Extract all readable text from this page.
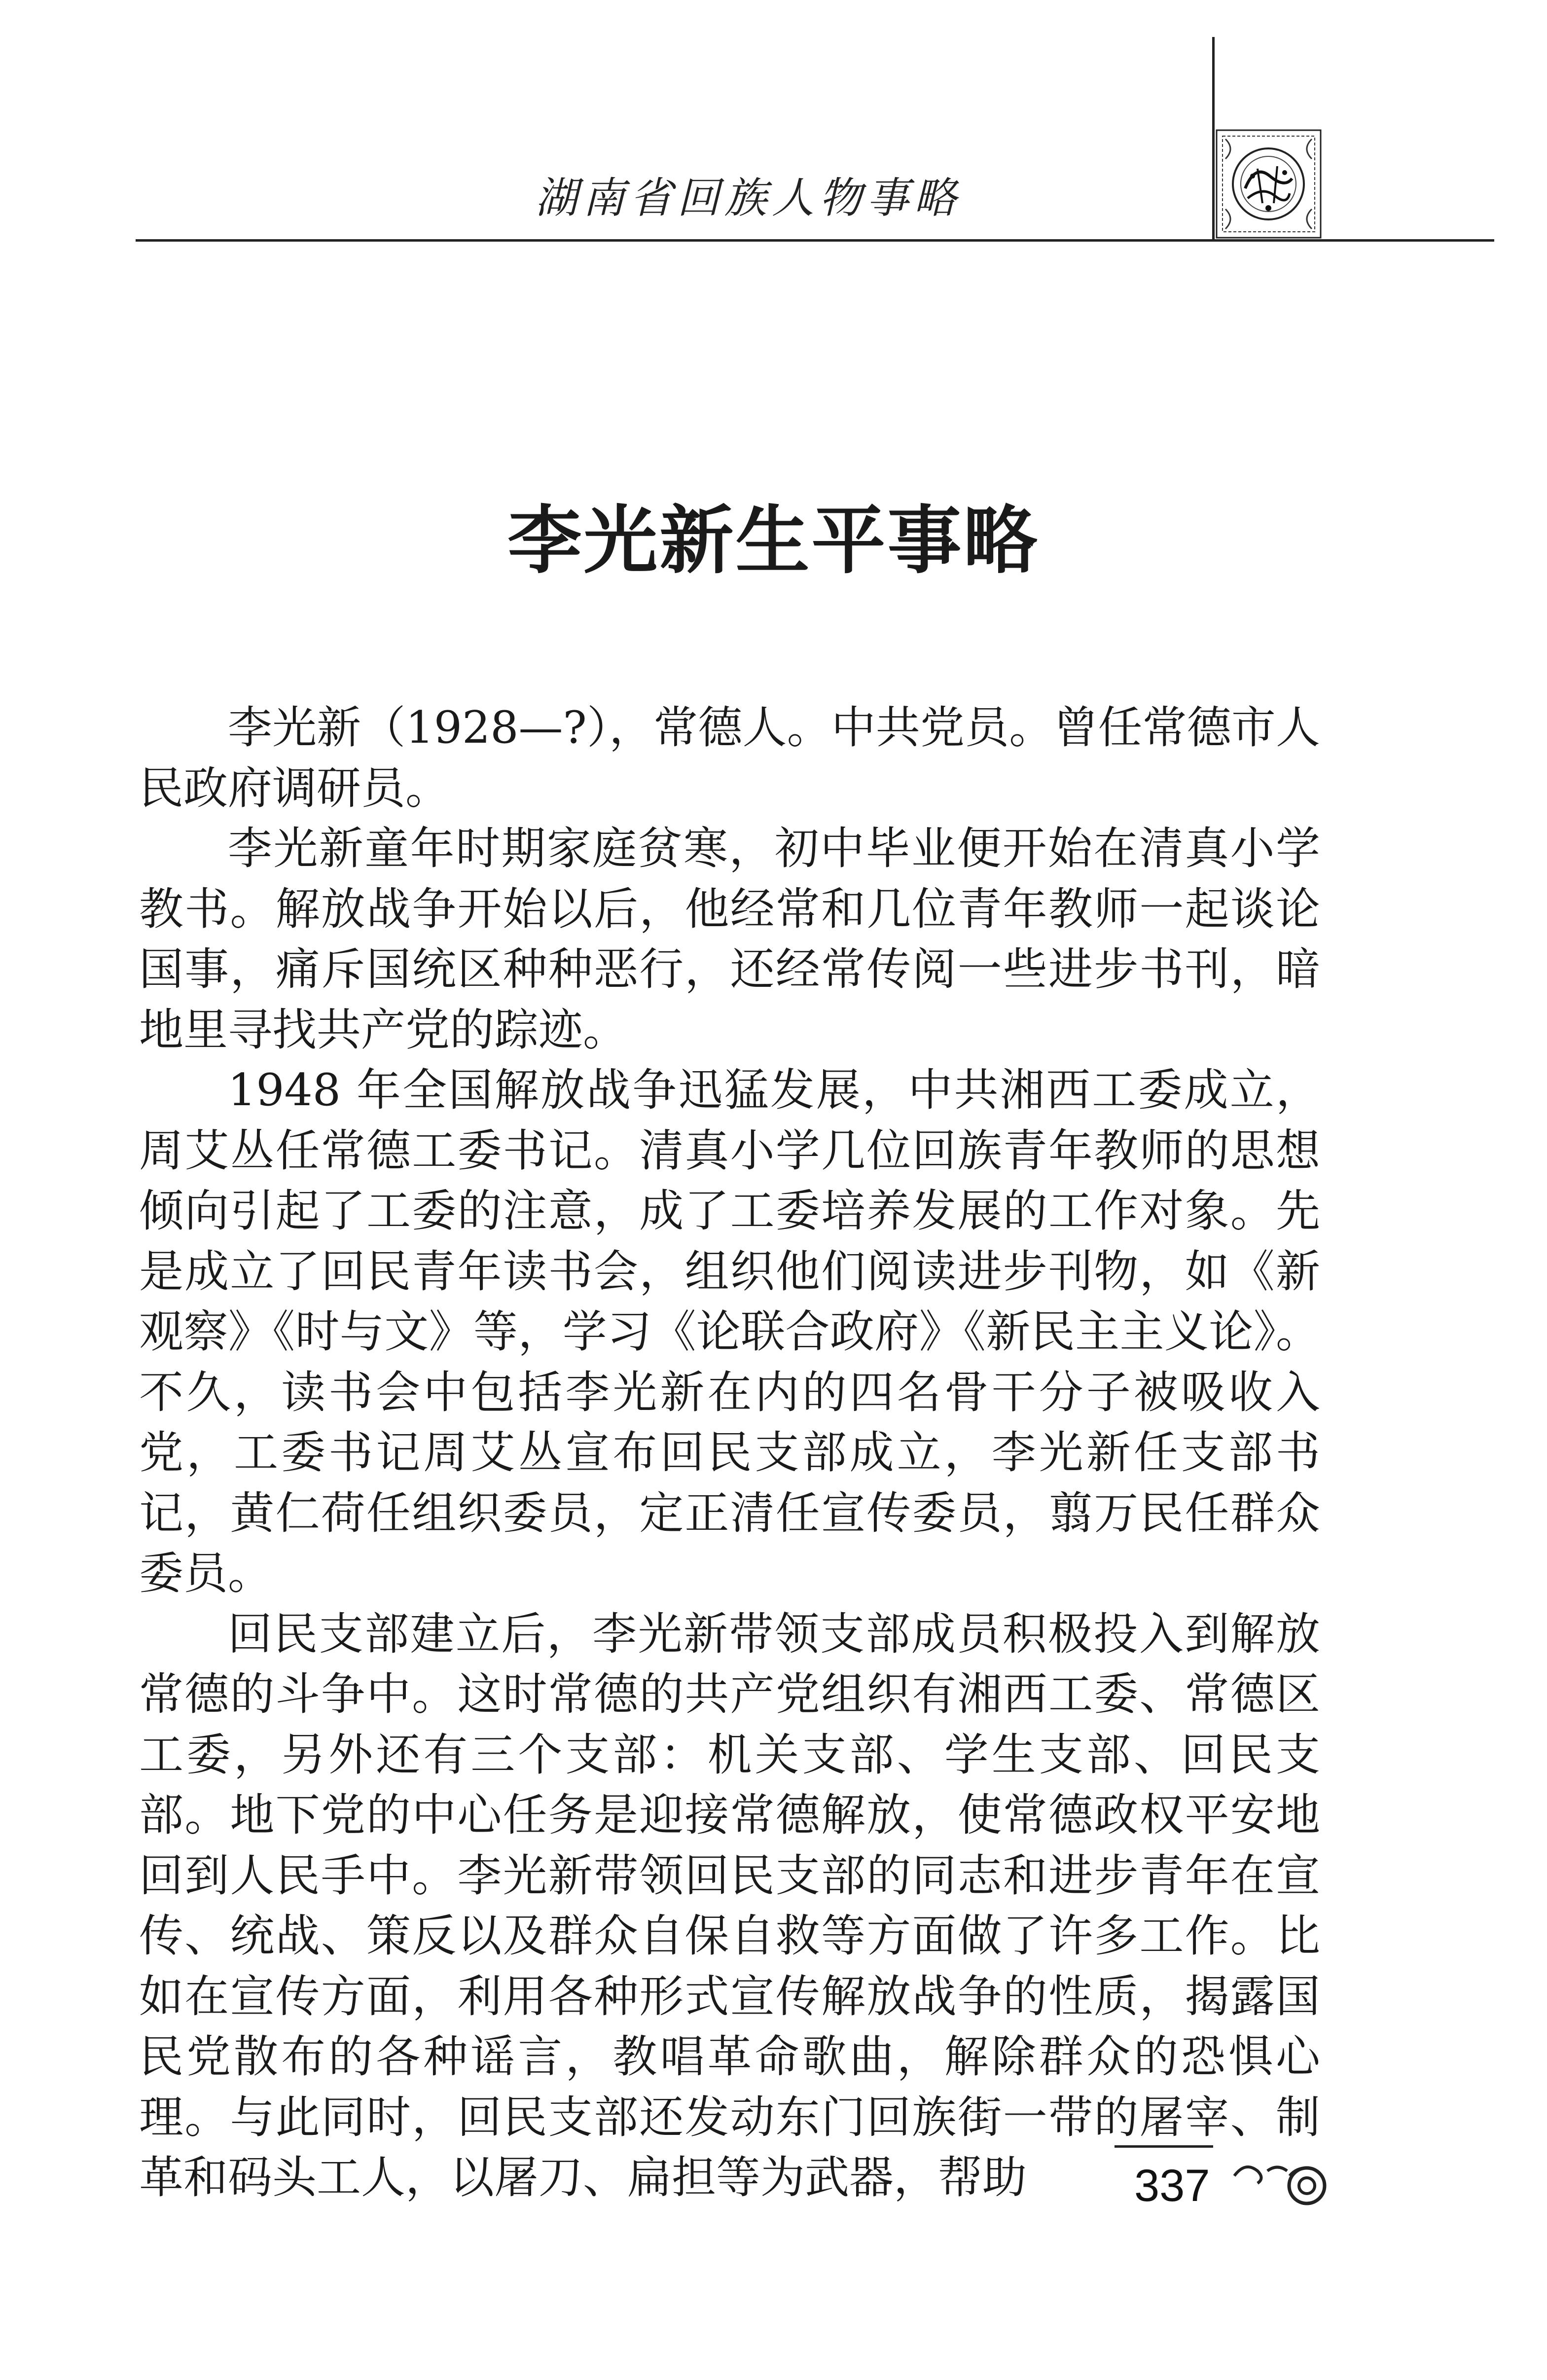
湖南省回族人物事略
李光新生平事略

李光新（1928—?），常德人。中共党员。曾任常德市人民政府调研员。

李光新童年时期家庭贫寒，初中毕业便开始在清真小学教书。解放战争开始以后，他经常和几位青年教师一起谈论国事，痛斥国统区种种恶行，还经常传阅一些进步书刊，暗地里寻找共产党的踪迹。

1948 年全国解放战争迅猛发展，中共湘西工委成立，周艾丛任常德工委书记。清真小学几位回族青年教师的思想倾向引起了工委的注意，成了工委培养发展的工作对象。先是成立了回民青年读书会，组织他们阅读进步刊物，如《新观察》《时与文》等，学习《论联合政府》《新民主主义论》。不久，读书会中包括李光新在内的四名骨干分子被吸收入党，工委书记周艾丛宣布回民支部成立，李光新任支部书记，黄仁荷任组织委员，定正清任宣传委员，翦万民任群众委员。

回民支部建立后，李光新带领支部成员积极投入到解放常德的斗争中。这时常德的共产党组织有湘西工委、常德区工委，另外还有三个支部：机关支部、学生支部、回民支部。地下党的中心任务是迎接常德解放，使常德政权平安地回到人民手中。李光新带领回民支部的同志和进步青年在宣传、统战、策反以及群众自保自救等方面做了许多工作。比如在宣传方面，利用各种形式宣传解放战争的性质，揭露国民党散布的各种谣言，教唱革命歌曲，解除群众的恐惧心理。与此同时，回民支部还发动东门回族街一带的屠宰、制革和码头工人，以屠刀、扁担等为武器，帮助	337
